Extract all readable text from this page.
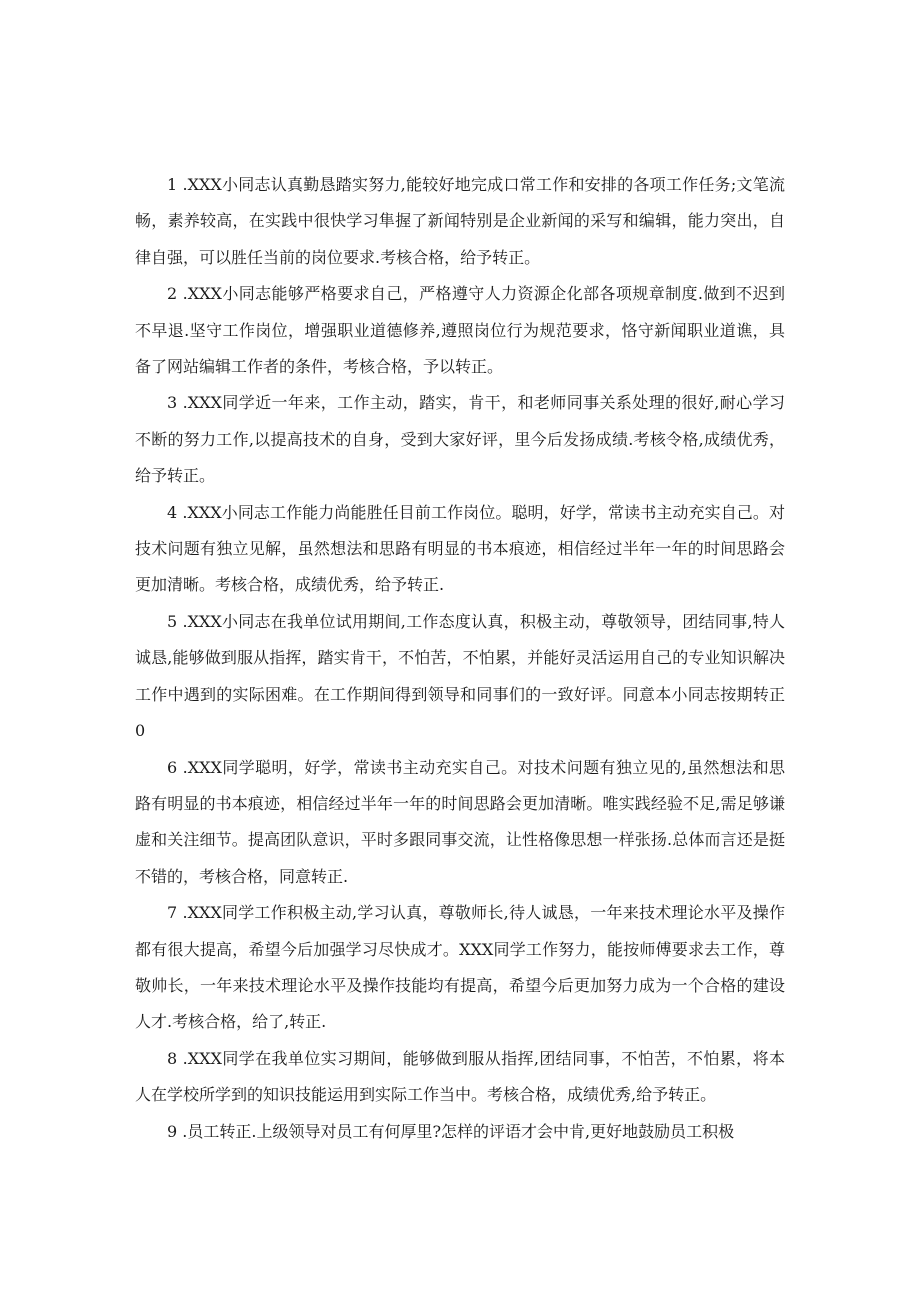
1 .XXX小同志认真勤恳踏实努力,能较好地完成口常工作和安排的各项工作任务;文笔流畅，素养较高，在实践中很快学习隼握了新闻特别是企业新闻的采写和编辑，能力突出，自律自强，可以胜任当前的岗位要求.考核合格，给予转正。

2 .XXX小同志能够严格要求自己，严格遵守人力资源企化部各项规章制度.做到不迟到不早退.坚守工作岗位，增强职业道德修养,遵照岗位行为规范要求，恪守新闻职业道谯，具备了网站编辑工作者的条件，考核合格，予以转正。

3 .XXX同学近一年来，工作主动，踏实，肯干，和老师同事关系处理的很好,耐心学习不断的努力工作,以提高技术的自身，受到大家好评，里今后发扬成绩.考核令格,成绩优秀，给予转正。

4 .XXX小同志工作能力尚能胜任目前工作岗位。聪明，好学，常读书主动充实自己。对技术问题有独立见解，虽然想法和思路有明显的书本痕迹，相信经过半年一年的时间思路会更加清晰。考核合格，成绩优秀，给予转正.

5 .XXX小同志在我单位试用期间,工作态度认真，积极主动，尊敬领导，团结同事,特人诚恳,能够做到服从指挥，踏实肯干，不怕苦，不怕累，并能好灵活运用自己的专业知识解决工作中遇到的实际困难。在工作期间得到领导和同事们的一致好评。同意本小同志按期转正0

6 .XXX同学聪明，好学，常读书主动充实自己。对技术问题有独立见的,虽然想法和思路有明显的书本痕迹，相信经过半年一年的时间思路会更加清晰。唯实践经验不足,需足够谦虚和关注细节。提高团队意识，平时多跟同事交流，让性格像思想一样张扬.总体而言还是挺不错的，考核合格，同意转正.

7 .XXX同学工作积极主动,学习认真，尊敬师长,待人诚恳，一年来技术理论水平及操作都有很大提高，希望今后加强学习尽快成才。XXX同学工作努力，能按师傅要求去工作，尊敬帅长，一年来技术理论水平及操作技能均有提高，希望今后更加努力成为一个合格的建设人才.考核合格，给了,转正.

8 .XXX同学在我单位实习期间，能够做到服从指挥,团结同事，不怕苦，不怕累，将本人在学校所学到的知识技能运用到实际工作当中。考核合格，成绩优秀,给予转正。

9 .员工转正.上级领导对员工有何厚里?怎样的评语才会中肯,更好地鼓励员工积极
